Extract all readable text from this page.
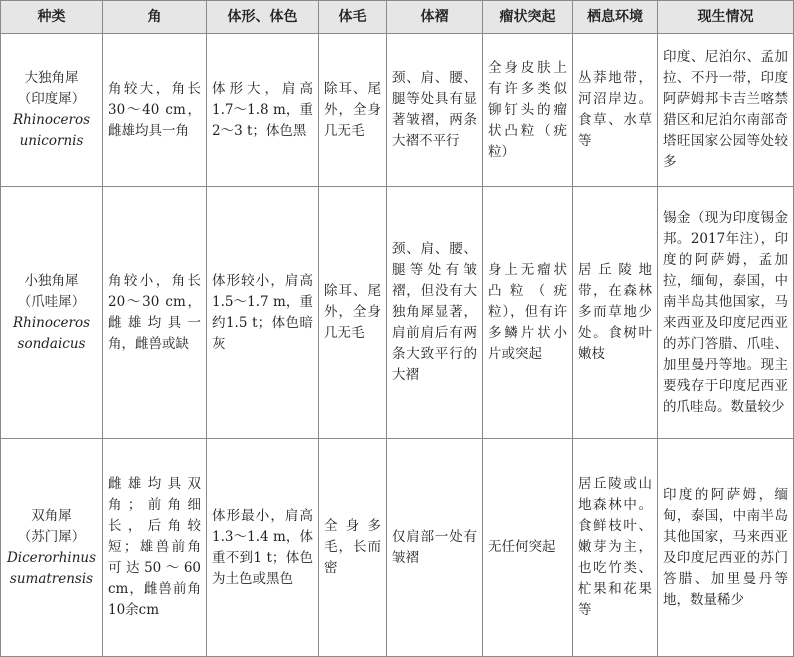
种类	角	体形、体色	体毛	体褶	瘤状突起	栖息环境	现生情况

大独角犀
（印度犀）
Rhinoceros
unicornis	角较大，角长30～40 cm，雌雄均具一角	体形大，肩高1.7～1.8 m，重2～3 t；体色黑	除耳、尾外，全身几无毛	颈、肩、腰、腿等处具有显著皱褶，两条大褶不平行	全身皮肤上有许多类似铆钉头的瘤状凸粒（疣粒）	丛莽地带，河沼岸边。食草、水草等	印度、尼泊尔、孟加拉、不丹一带，印度阿萨姆邦卡吉兰喀禁猎区和尼泊尔南部奇塔旺国家公园等处较多

小独角犀
（爪哇犀）
Rhinoceros
sondaicus	角较小，角长20～30 cm，雌雄均具一角，雌兽或缺	体形较小，肩高1.5～1.7 m，重约1.5 t；体色暗灰	除耳、尾外，全身几无毛	颈、肩、腰、腿等处有皱褶，但没有大独角犀显著，肩前肩后有两条大致平行的大褶	身上无瘤状凸粒（疣粒），但有许多鳞片状小片或突起	居丘陵地带，在森林多而草地少处。食树叶嫩枝	锡金（现为印度锡金邦。2017年注），印度的阿萨姆，孟加拉，缅甸，泰国，中南半岛其他国家，马来西亚及印度尼西亚的苏门答腊、爪哇、加里曼丹等地。现主要残存于印度尼西亚的爪哇岛。数量较少

双角犀
（苏门犀）
Dicerorhinus
sumatrensis	雌雄均具双角；前角细长，后角较短；雄兽前角可达50～60 cm，雌兽前角10余cm	体形最小，肩高1.3～1.4 m，体重不到1 t；体色为土色或黑色	全身多毛，长而密	仅肩部一处有皱褶	无任何突起	居丘陵或山地森林中。食鲜枝叶、嫩芽为主，也吃竹类、杧果和花果等	印度的阿萨姆，缅甸，泰国，中南半岛其他国家，马来西亚及印度尼西亚的苏门答腊、加里曼丹等地，数量稀少
